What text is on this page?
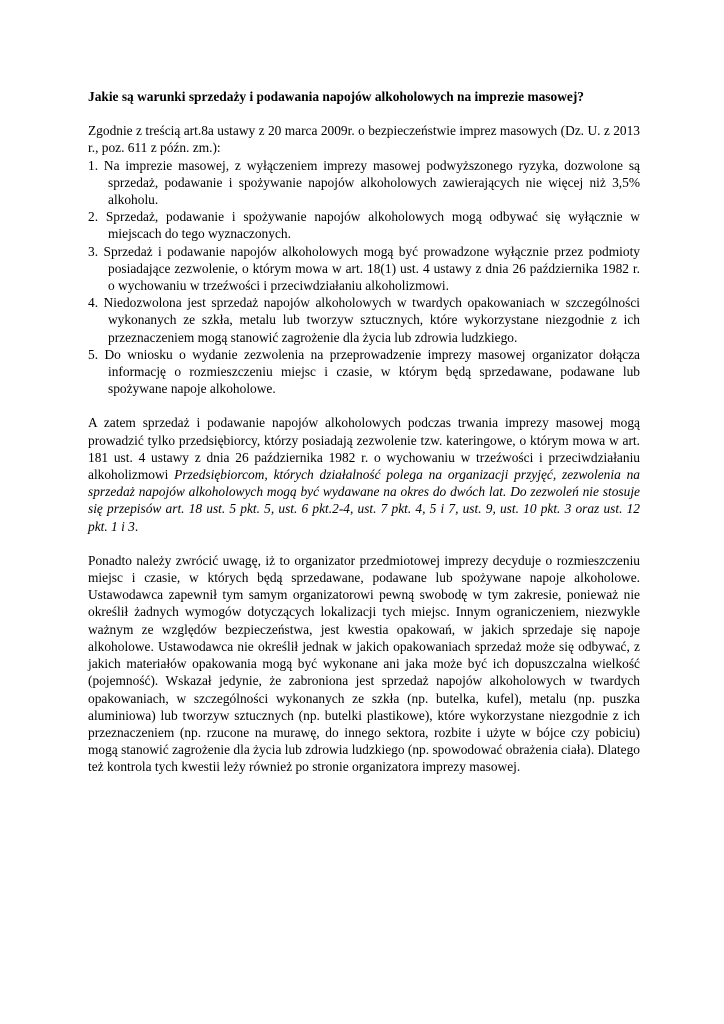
Jakie są warunki sprzedaży i podawania napojów alkoholowych na imprezie masowej?

Zgodnie z treścią art.8a ustawy z 20 marca 2009r. o bezpieczeństwie imprez masowych (Dz. U. z 2013 r., poz. 611 z późn. zm.):

1. Na imprezie masowej, z wyłączeniem imprezy masowej podwyższonego ryzyka, dozwolone są sprzedaż, podawanie i spożywanie napojów alkoholowych zawierających nie więcej niż 3,5% alkoholu.
2. Sprzedaż, podawanie i spożywanie napojów alkoholowych mogą odbywać się wyłącznie w miejscach do tego wyznaczonych.
3. Sprzedaż i podawanie napojów alkoholowych mogą być prowadzone wyłącznie przez podmioty posiadające zezwolenie, o którym mowa w art. 18(1) ust. 4 ustawy z dnia 26 października 1982 r. o wychowaniu w trzeźwości i przeciwdziałaniu alkoholizmowi.
4. Niedozwolona jest sprzedaż napojów alkoholowych w twardych opakowaniach w szczególności wykonanych ze szkła, metalu lub tworzyw sztucznych, które wykorzystane niezgodnie z ich przeznaczeniem mogą stanowić zagrożenie dla życia lub zdrowia ludzkiego.
5. Do wniosku o wydanie zezwolenia na przeprowadzenie imprezy masowej organizator dołącza informację o rozmieszczeniu miejsc i czasie, w którym będą sprzedawane, podawane lub spożywane napoje alkoholowe.

A zatem sprzedaż i podawanie napojów alkoholowych podczas trwania imprezy masowej mogą prowadzić tylko przedsiębiorcy, którzy posiadają zezwolenie tzw. kateringowe, o którym mowa w art. 181 ust. 4 ustawy z dnia 26 października 1982 r. o wychowaniu w trzeźwości i przeciwdziałaniu alkoholizmowi Przedsiębiorcom, których działalność polega na organizacji przyjęć, zezwolenia na sprzedaż napojów alkoholowych mogą być wydawane na okres do dwóch lat. Do zezwoleń nie stosuje się przepisów art. 18 ust. 5 pkt. 5, ust. 6 pkt.2-4, ust. 7 pkt. 4, 5 i 7, ust. 9, ust. 10 pkt. 3 oraz ust. 12 pkt. 1 i 3.

Ponadto należy zwrócić uwagę, iż to organizator przedmiotowej imprezy decyduje o rozmieszczeniu miejsc i czasie, w których będą sprzedawane, podawane lub spożywane napoje alkoholowe. Ustawodawca zapewnił tym samym organizatorowi pewną swobodę w tym zakresie, ponieważ nie określił żadnych wymogów dotyczących lokalizacji tych miejsc. Innym ograniczeniem, niezwykle ważnym ze względów bezpieczeństwa, jest kwestia opakowań, w jakich sprzedaje się napoje alkoholowe. Ustawodawca nie określił jednak w jakich opakowaniach sprzedaż może się odbywać, z jakich materiałów opakowania mogą być wykonane ani jaka może być ich dopuszczalna wielkość (pojemność). Wskazał jedynie, że zabroniona jest sprzedaż napojów alkoholowych w twardych opakowaniach, w szczególności wykonanych ze szkła (np. butelka, kufel), metalu (np. puszka aluminiowa) lub tworzyw sztucznych (np. butelki plastikowe), które wykorzystane niezgodnie z ich przeznaczeniem (np. rzucone na murawę, do innego sektora, rozbite i użyte w bójce czy pobiciu) mogą stanowić zagrożenie dla życia lub zdrowia ludzkiego (np. spowodować obrażenia ciała). Dlatego też kontrola tych kwestii leży również po stronie organizatora imprezy masowej.
